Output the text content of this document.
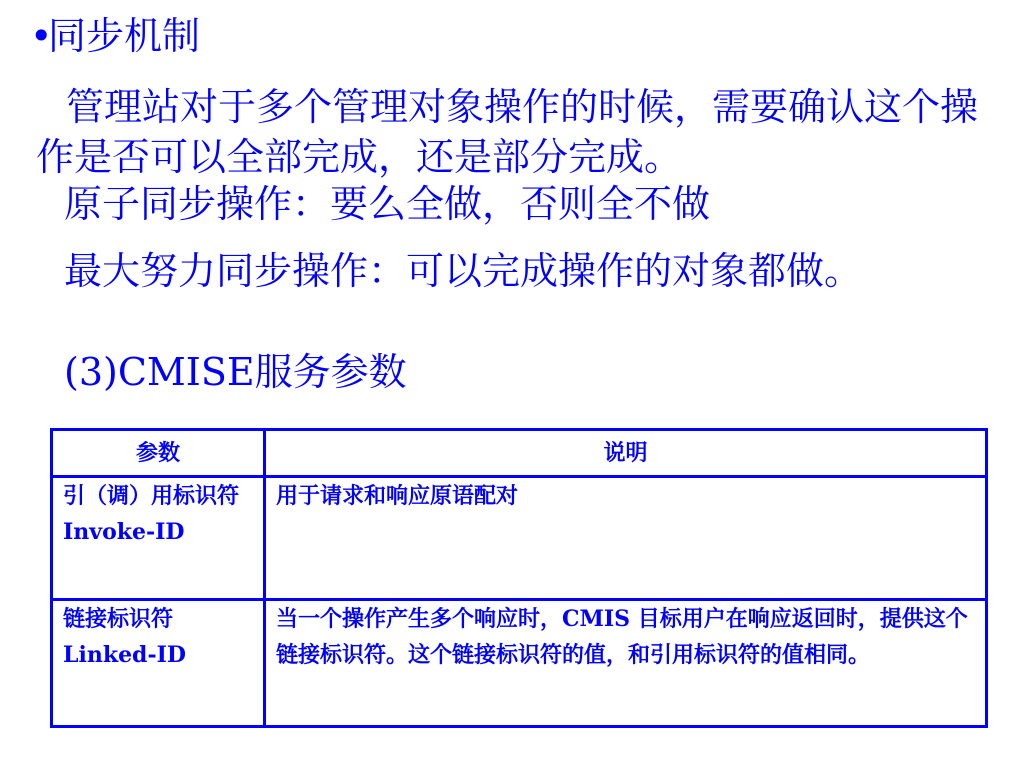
•
同步机制
管理站对于多个管理对象操作的时候，需要确认这个操作是否可以全部完成，还是部分完成。
原子同步操作：要么全做，否则全不做
最大努力同步操作：可以完成操作的对象都做。
(3)CMISE服务参数
参数	说明

引（调）用标识符
Invoke-ID	用于请求和响应原语配对

链接标识符
Linked-ID	当一个操作产生多个响应时，CMIS 目标用户在响应返回时，提供这个链接标识符。这个链接标识符的值，和引用标识符的值相同。
